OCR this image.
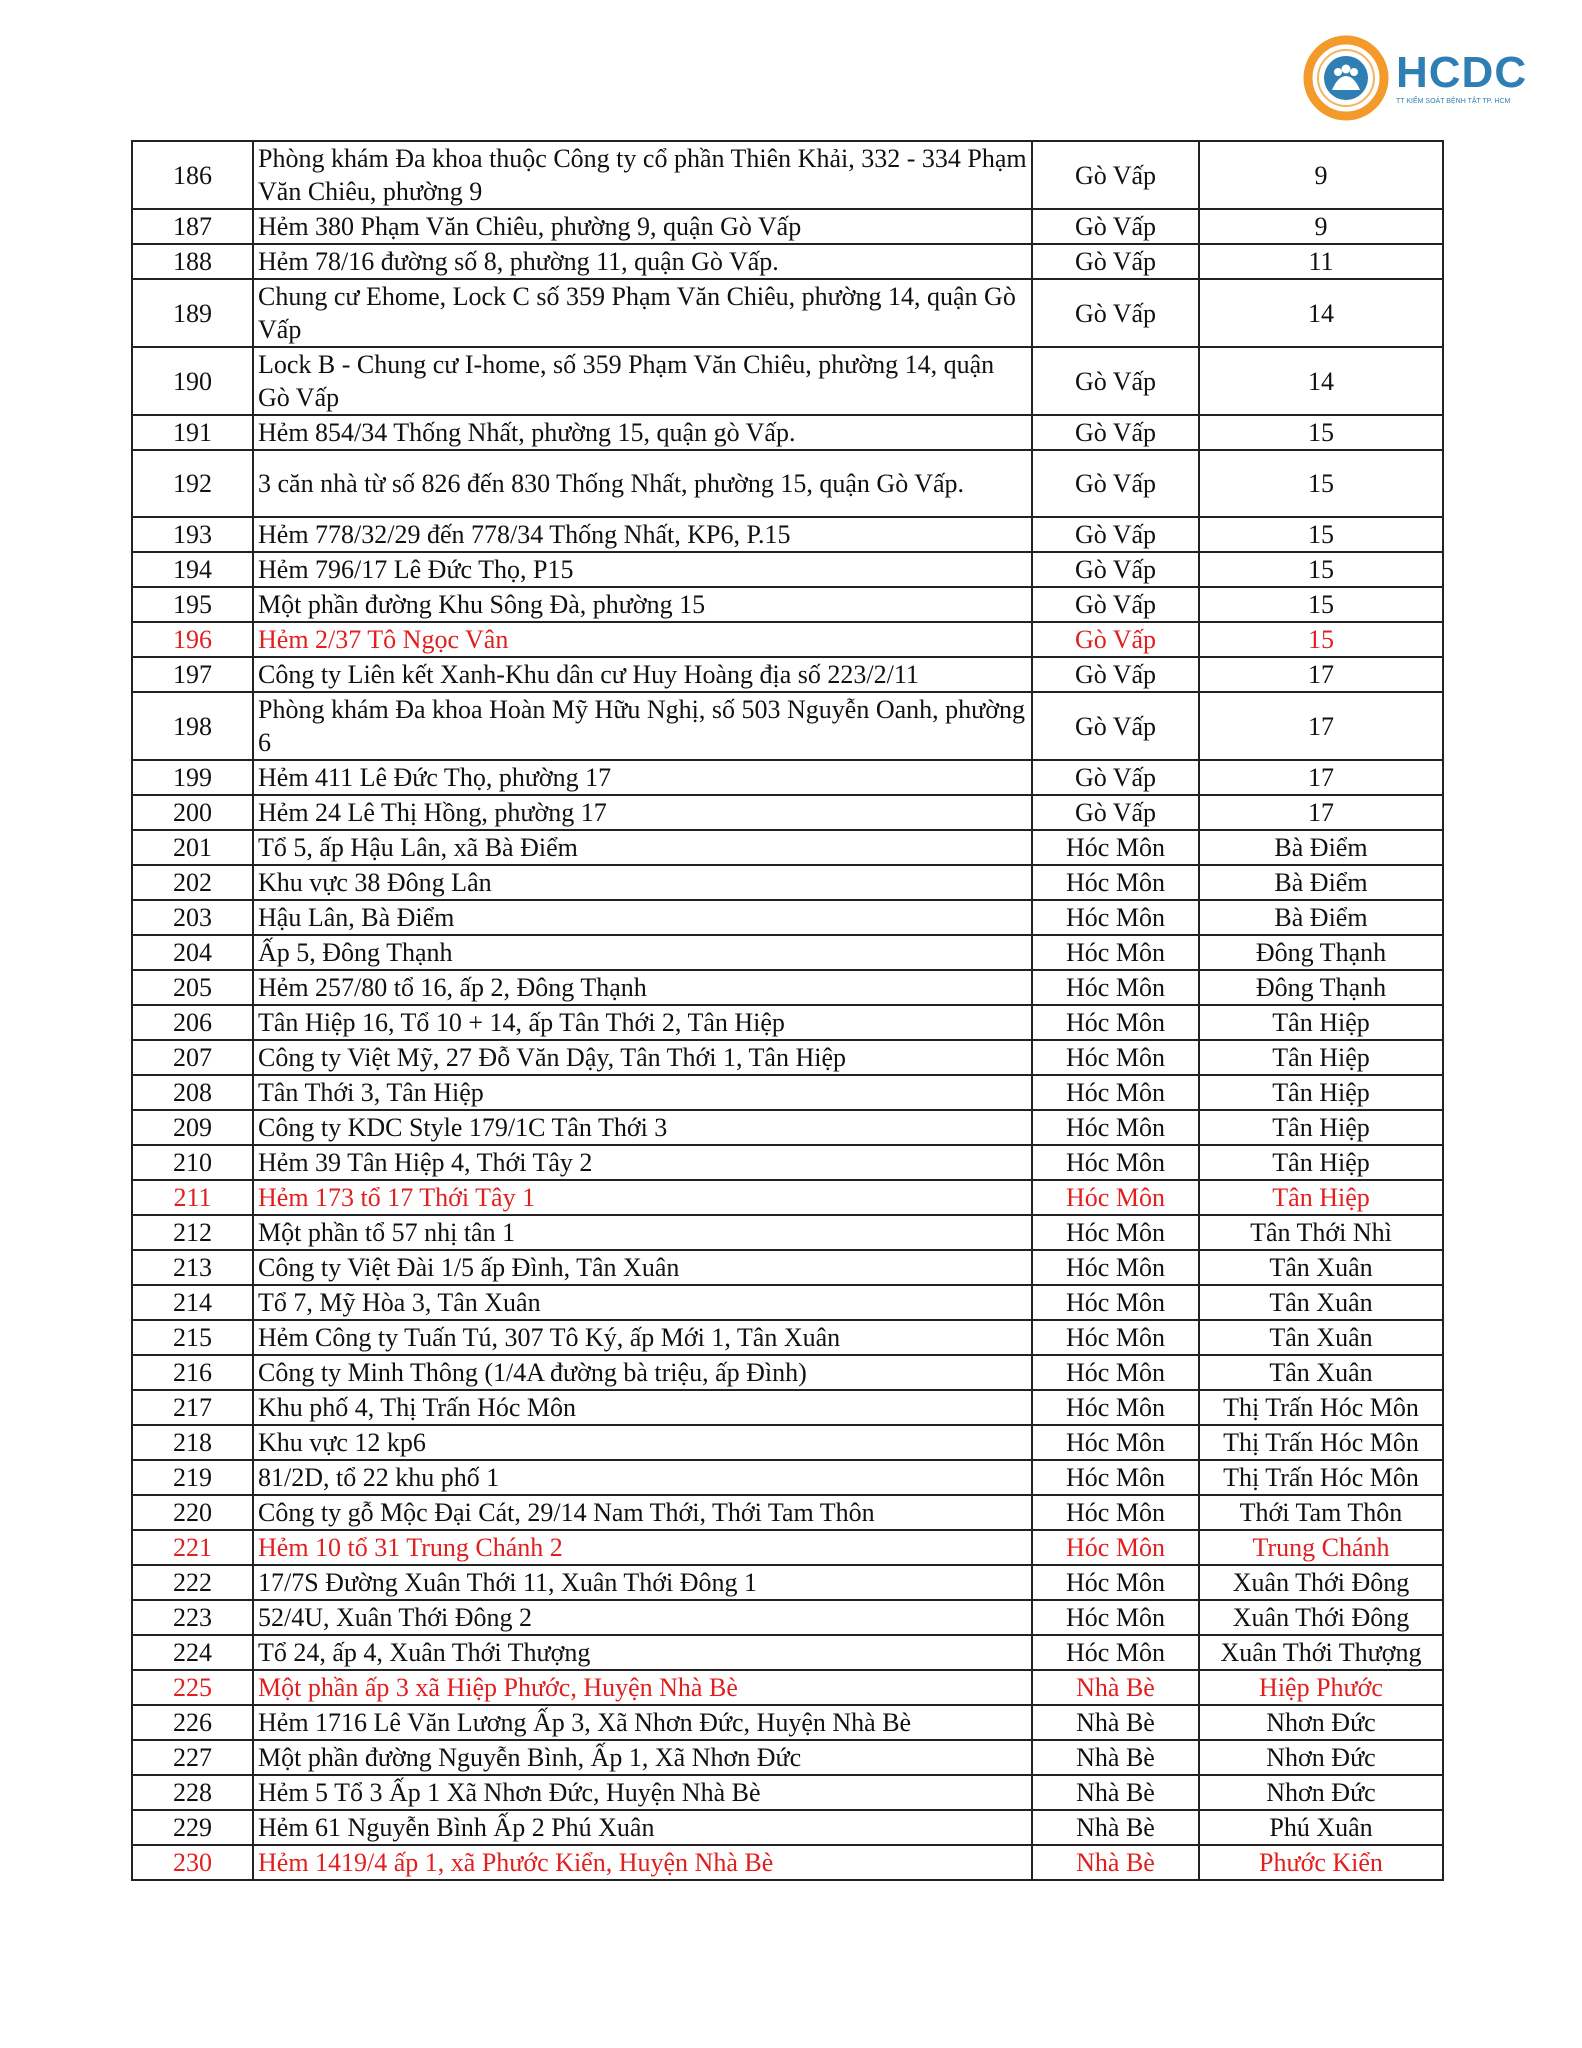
HCDC
TT KIỂM SOÁT BỆNH TẬT TP. HCM
186	Phòng khám Đa khoa thuộc Công ty cổ phần Thiên Khải, 332 - 334 Phạm Văn Chiêu, phường 9	Gò Vấp	9
187	Hẻm 380 Phạm Văn Chiêu, phường 9, quận Gò Vấp	Gò Vấp	9
188	Hẻm 78/16 đường số 8, phường 11, quận Gò Vấp.	Gò Vấp	11
189	Chung cư Ehome, Lock C số 359 Phạm Văn Chiêu, phường 14, quận Gò Vấp	Gò Vấp	14
190	Lock B - Chung cư I-home, số 359 Phạm Văn Chiêu, phường 14, quận Gò Vấp	Gò Vấp	14
191	Hẻm 854/34 Thống Nhất, phường 15, quận gò Vấp.	Gò Vấp	15
192	3 căn nhà từ số 826 đến 830 Thống Nhất, phường 15, quận Gò Vấp.	Gò Vấp	15
193	Hẻm 778/32/29 đến 778/34 Thống Nhất, KP6, P.15	Gò Vấp	15
194	Hẻm 796/17 Lê Đức Thọ, P15	Gò Vấp	15
195	Một phần đường Khu Sông Đà, phường 15	Gò Vấp	15
196	Hẻm 2/37 Tô Ngọc Vân	Gò Vấp	15
197	Công ty Liên kết Xanh-Khu dân cư Huy Hoàng địa số 223/2/11	Gò Vấp	17
198	Phòng khám Đa khoa Hoàn Mỹ Hữu Nghị, số 503 Nguyễn Oanh, phường 6	Gò Vấp	17
199	Hẻm 411 Lê Đức Thọ, phường 17	Gò Vấp	17
200	Hẻm 24 Lê Thị Hồng, phường 17	Gò Vấp	17
201	Tổ 5, ấp Hậu Lân, xã Bà Điểm	Hóc Môn	Bà Điểm
202	Khu vực 38 Đông Lân	Hóc Môn	Bà Điểm
203	Hậu Lân, Bà Điểm	Hóc Môn	Bà Điểm
204	Ấp 5, Đông Thạnh	Hóc Môn	Đông Thạnh
205	Hẻm 257/80 tổ 16, ấp 2, Đông Thạnh	Hóc Môn	Đông Thạnh
206	Tân Hiệp 16, Tổ 10 + 14, ấp Tân Thới 2, Tân Hiệp	Hóc Môn	Tân Hiệp
207	Công ty Việt Mỹ, 27 Đỗ Văn Dậy, Tân Thới 1, Tân Hiệp	Hóc Môn	Tân Hiệp
208	Tân Thới 3, Tân Hiệp	Hóc Môn	Tân Hiệp
209	Công ty KDC Style 179/1C Tân Thới 3	Hóc Môn	Tân Hiệp
210	Hẻm 39 Tân Hiệp 4, Thới Tây 2	Hóc Môn	Tân Hiệp
211	Hẻm 173 tổ 17 Thới Tây 1	Hóc Môn	Tân Hiệp
212	Một phần tổ 57 nhị tân 1	Hóc Môn	Tân Thới Nhì
213	Công ty Việt Đài 1/5 ấp Đình, Tân Xuân	Hóc Môn	Tân Xuân
214	Tổ 7, Mỹ Hòa 3, Tân Xuân	Hóc Môn	Tân Xuân
215	Hẻm Công ty Tuấn Tú, 307 Tô Ký, ấp Mới 1, Tân Xuân	Hóc Môn	Tân Xuân
216	Công ty Minh Thông (1/4A đường bà triệu, ấp Đình)	Hóc Môn	Tân Xuân
217	Khu phố 4, Thị Trấn Hóc Môn	Hóc Môn	Thị Trấn Hóc Môn
218	Khu vực 12 kp6	Hóc Môn	Thị Trấn Hóc Môn
219	81/2D, tổ 22 khu phố 1	Hóc Môn	Thị Trấn Hóc Môn
220	Công ty gỗ Mộc Đại Cát, 29/14 Nam Thới, Thới Tam Thôn	Hóc Môn	Thới Tam Thôn
221	Hẻm 10 tổ 31 Trung Chánh 2	Hóc Môn	Trung Chánh
222	17/7S Đường Xuân Thới 11, Xuân Thới Đông 1	Hóc Môn	Xuân Thới Đông
223	52/4U, Xuân Thới Đông 2	Hóc Môn	Xuân Thới Đông
224	Tổ 24, ấp 4, Xuân Thới Thượng	Hóc Môn	Xuân Thới Thượng
225	Một phần ấp 3 xã Hiệp Phước, Huyện Nhà Bè	Nhà Bè	Hiệp Phước
226	Hẻm 1716 Lê Văn Lương Ấp 3, Xã Nhơn Đức, Huyện Nhà Bè	Nhà Bè	Nhơn Đức
227	Một phần đường Nguyễn Bình, Ấp 1, Xã Nhơn Đức	Nhà Bè	Nhơn Đức
228	Hẻm 5 Tổ 3 Ấp 1 Xã Nhơn Đức, Huyện Nhà Bè	Nhà Bè	Nhơn Đức
229	Hẻm 61 Nguyễn Bình Ấp 2 Phú Xuân	Nhà Bè	Phú Xuân
230	Hẻm 1419/4 ấp 1, xã Phước Kiển, Huyện Nhà Bè	Nhà Bè	Phước Kiển
